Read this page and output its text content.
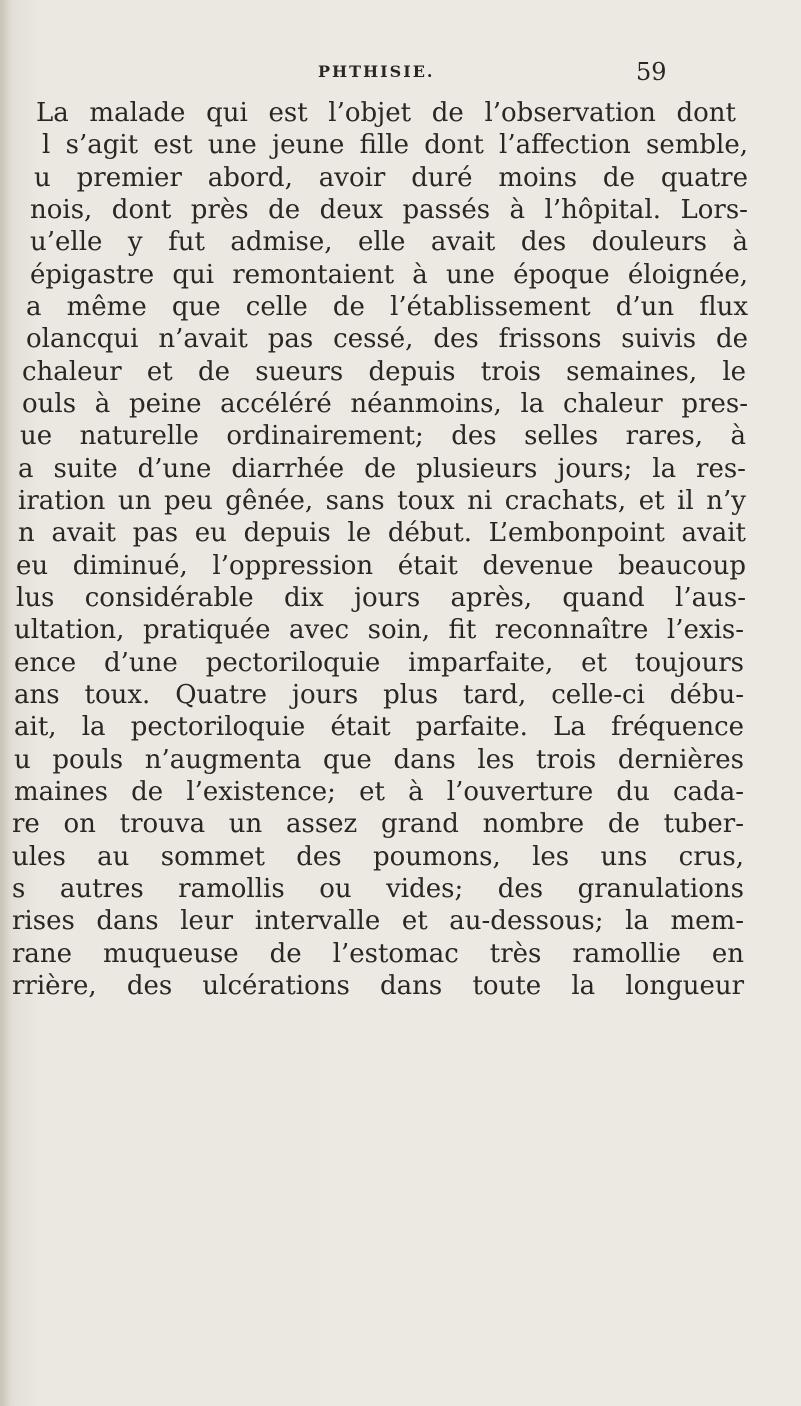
PHTHISIE.	59
La malade qui est l’objet de l’observation dont
l s’agit est une jeune fille dont l’affection semble,
u premier abord, avoir duré moins de quatre
nois, dont près de deux passés à l’hôpital. Lors-
u’elle y fut admise, elle avait des douleurs à
épigastre qui remontaient à une époque éloignée,
a même que celle de l’établissement d’un flux
olancqui n’avait pas cessé, des frissons suivis de
chaleur et de sueurs depuis trois semaines, le
ouls à peine accéléré néanmoins, la chaleur pres-
ue naturelle ordinairement; des selles rares, à
a suite d’une diarrhée de plusieurs jours; la res-
iration un peu gênée, sans toux ni crachats, et il n’y
n avait pas eu depuis le début. L’embonpoint avait
eu diminué, l’oppression était devenue beaucoup
lus considérable dix jours après, quand l’aus-
ultation, pratiquée avec soin, fit reconnaître l’exis-
ence d’une pectoriloquie imparfaite, et toujours
ans toux. Quatre jours plus tard, celle-ci débu-
ait, la pectoriloquie était parfaite. La fréquence
u pouls n’augmenta que dans les trois dernières
maines de l’existence; et à l’ouverture du cada-
re on trouva un assez grand nombre de tuber-
ules au sommet des poumons, les uns crus,
s autres ramollis ou vides; des granulations
rises dans leur intervalle et au-dessous; la mem-
rane muqueuse de l’estomac très ramollie en
rrière, des ulcérations dans toute la longueur
